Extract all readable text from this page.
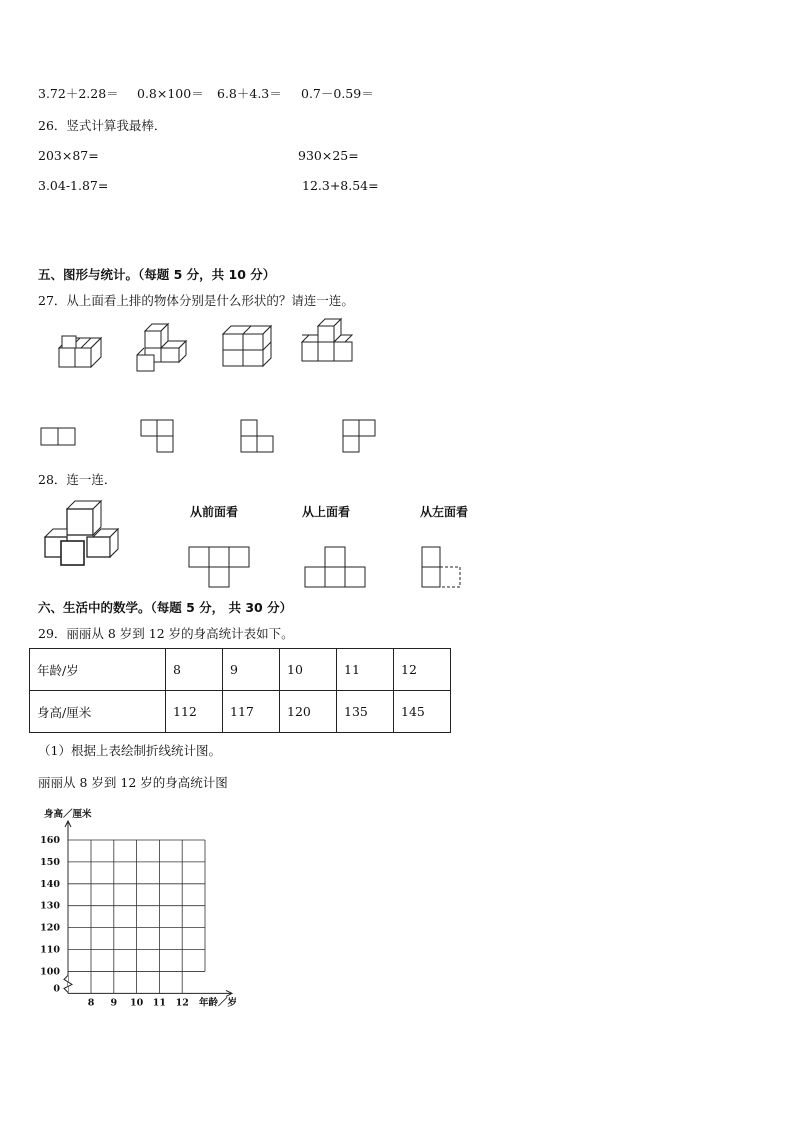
3.72＋2.28＝ 0.8×100＝ 6.8＋4.3＝ 0.7－0.59＝
26．竖式计算我最棒．
203×87=	930×25=
3.04-1.87=	12.3+8.54=
五、图形与统计。（每题 5 分，共 10 分）
27．从上面看上排的物体分别是什么形状的？请连一连。
28．连一连．
从前面看	从上面看	从左面看
六、生活中的数学。（每题 5 分， 共 30 分）
29．丽丽从 8 岁到 12 岁的身高统计表如下。
年龄/岁	8	9	10	11	12
身高/厘米	112	117	120	135	145
（1）根据上表绘制折线统计图。
丽丽从 8 岁到 12 岁的身高统计图
160
150
140
130
120
110
100
0
8 9 10 11 12
身高／厘米
年龄／岁
